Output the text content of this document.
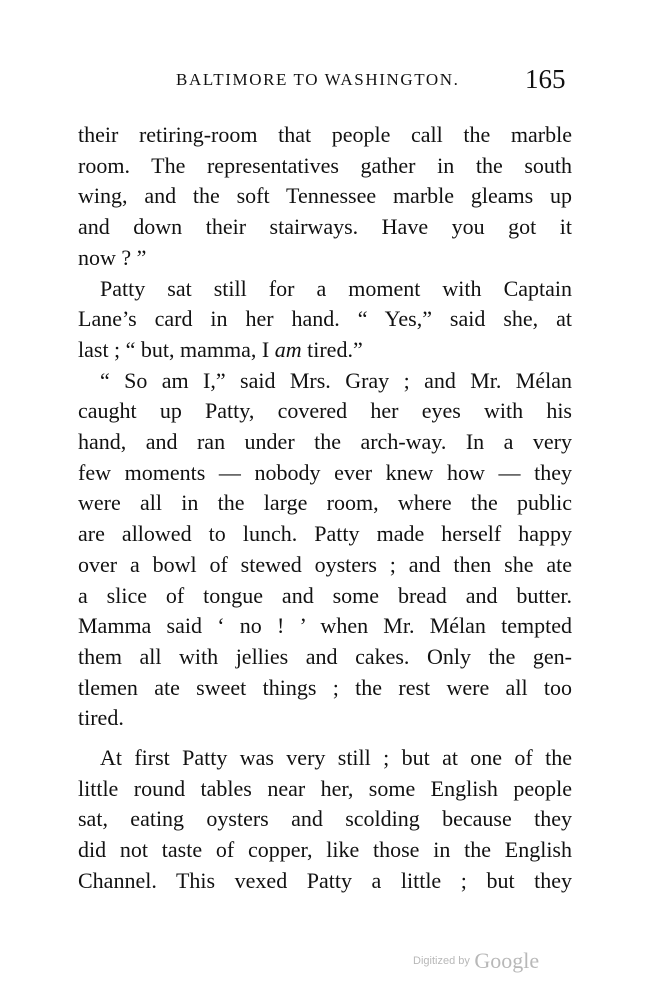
BALTIMORE TO WASHINGTON. 165
their retiring-room that people call the marble
room. The representatives gather in the south
wing, and the soft Tennessee marble gleams up
and down their stairways. Have you got it
now ? ”
Patty sat still for a moment with Captain
Lane’s card in her hand. “ Yes,” said she, at
last ; “ but, mamma, I am tired.”
“ So am I,” said Mrs. Gray ; and Mr. Mélan
caught up Patty, covered her eyes with his
hand, and ran under the arch-way. In a very
few moments — nobody ever knew how — they
were all in the large room, where the public
are allowed to lunch. Patty made herself happy
over a bowl of stewed oysters ; and then she ate
a slice of tongue and some bread and butter.
Mamma said ‘ no ! ’ when Mr. Mélan tempted
them all with jellies and cakes. Only the gen-
tlemen ate sweet things ; the rest were all too
tired.
At first Patty was very still ; but at one of the
little round tables near her, some English people
sat, eating oysters and scolding because they
did not taste of copper, like those in the English
Channel. This vexed Patty a little ; but they
Digitized by Google
